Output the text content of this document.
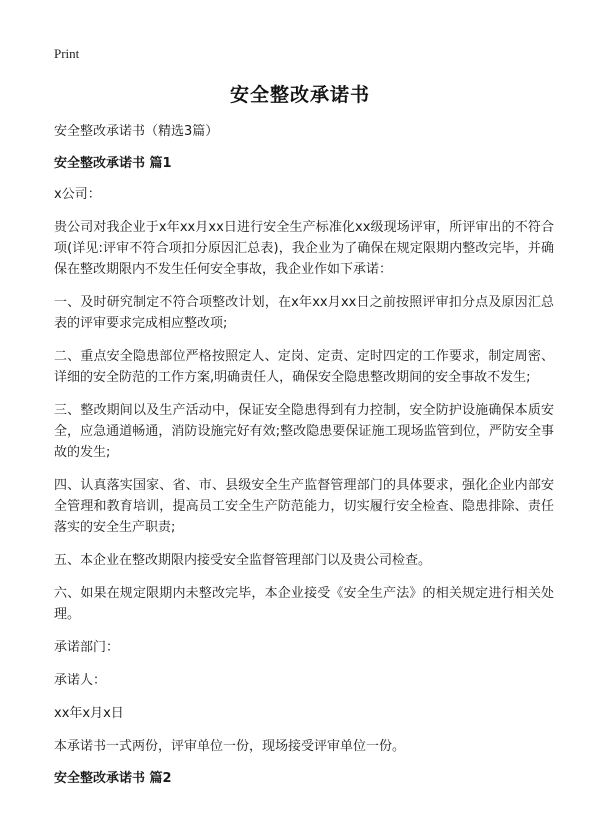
Print
安全整改承诺书
安全整改承诺书（精选3篇）
安全整改承诺书 篇1

x公司：

贵公司对我企业于x年xx月xx日进行安全生产标准化xx级现场评审，所评审出的不符合项(详见:评审不符合项扣分原因汇总表)，我企业为了确保在规定限期内整改完毕，并确保在整改期限内不发生任何安全事故，我企业作如下承诺：

一、及时研究制定不符合项整改计划，在x年xx月xx日之前按照评审扣分点及原因汇总表的评审要求完成相应整改项;

二、重点安全隐患部位严格按照定人、定岗、定责、定时四定的工作要求，制定周密、详细的安全防范的工作方案,明确责任人，确保安全隐患整改期间的安全事故不发生;

三、整改期间以及生产活动中，保证安全隐患得到有力控制，安全防护设施确保本质安全，应急通道畅通，消防设施完好有效;整改隐患要保证施工现场监管到位，严防安全事故的发生;

四、认真落实国家、省、市、县级安全生产监督管理部门的具体要求，强化企业内部安全管理和教育培训，提高员工安全生产防范能力，切实履行安全检查、隐患排除、责任落实的安全生产职责;

五、本企业在整改期限内接受安全监督管理部门以及贵公司检查。

六、如果在规定限期内未整改完毕，本企业接受《安全生产法》的相关规定进行相关处理。

承诺部门：

承诺人：

xx年x月x日

本承诺书一式两份，评审单位一份，现场接受评审单位一份。

安全整改承诺书 篇2
